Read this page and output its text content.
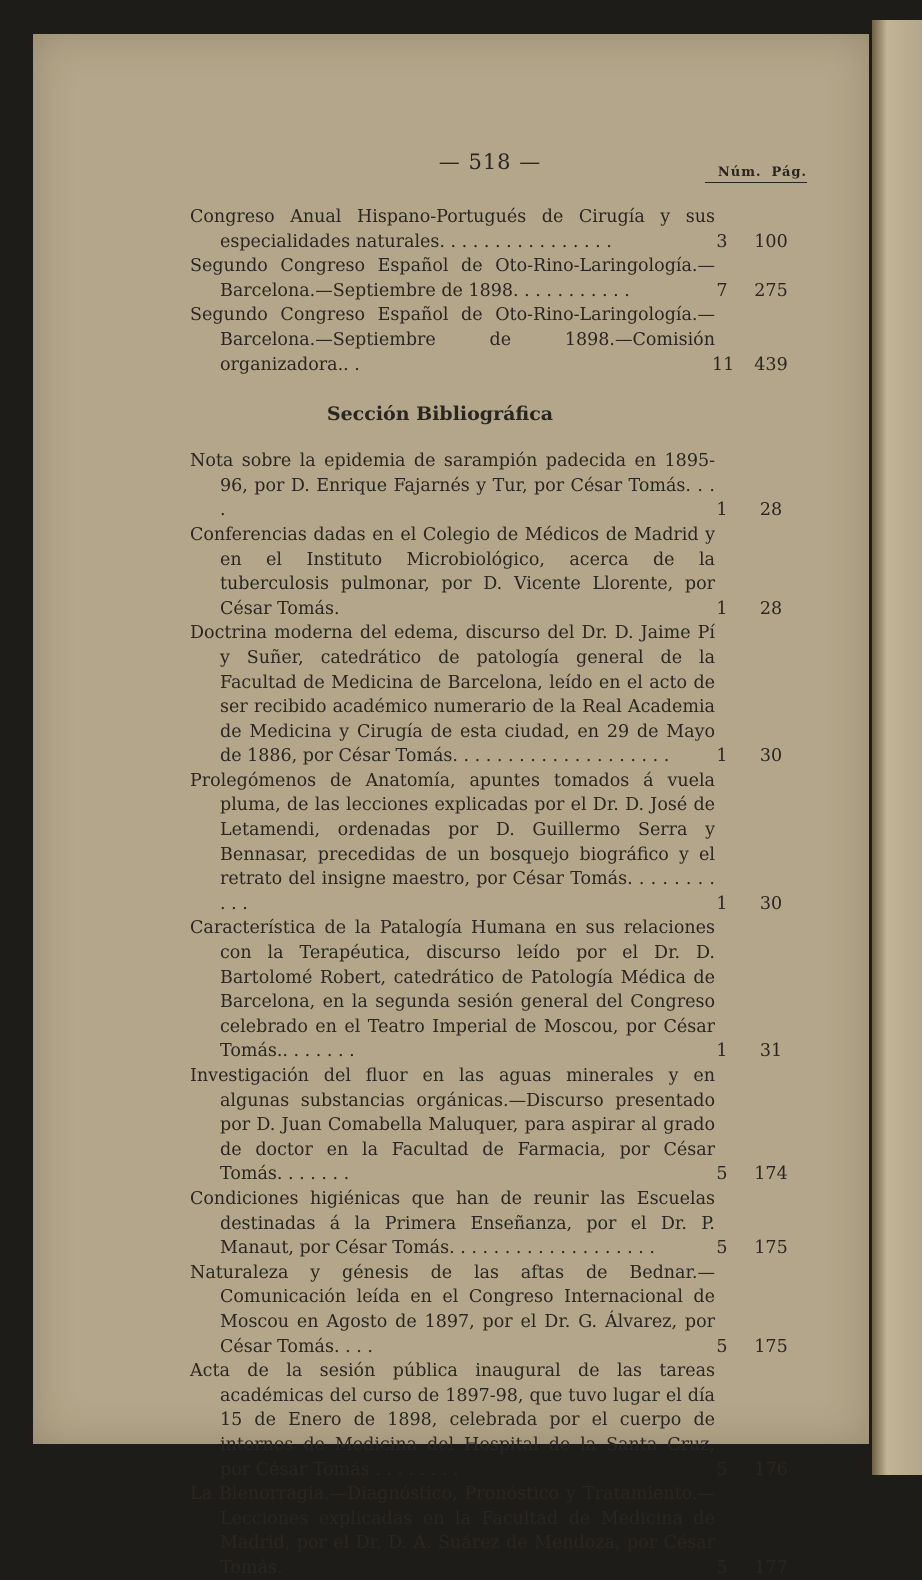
— 518 —	Núm. Pág.

Congreso Anual Hispano-Portugués de Cirugía y sus especialidades naturales. . . . . . . . . . . . . . . .	3	100

Segundo Congreso Español de Oto-Rino-Laringología.—Barcelona.—Septiembre de 1898. . . . . . . . . . .	7	275

Segundo Congreso Español de Oto-Rino-Laringología.—Barcelona.—Septiembre de 1898.—Comisión organizadora.. .	11	439
Sección Bibliográfica

Nota sobre la epidemia de sarampión padecida en 1895-96, por D. Enrique Fajarnés y Tur, por César Tomás. . . .	1	28

Conferencias dadas en el Colegio de Médicos de Madrid y en el Instituto Microbiológico, acerca de la tuberculosis pulmonar, por D. Vicente Llorente, por César Tomás.	1	28

Doctrina moderna del edema, discurso del Dr. D. Jaime Pí y Suñer, catedrático de patología general de la Facultad de Medicina de Barcelona, leído en el acto de ser recibido académico numerario de la Real Academia de Medicina y Cirugía de esta ciudad, en 29 de Mayo de 1886, por César Tomás. . . . . . . . . . . . . . . . . . . .	1	30

Prolegómenos de Anatomía, apuntes tomados á vuela pluma, de las lecciones explicadas por el Dr. D. José de Letamendi, ordenadas por D. Guillermo Serra y Bennasar, precedidas de un bosquejo biográfico y el retrato del insigne maestro, por César Tomás. . . . . . . . . . .	1	30

Característica de la Patalogía Humana en sus relaciones con la Terapéutica, discurso leído por el Dr. D. Bartolomé Robert, catedrático de Patología Médica de Barcelona, en la segunda sesión general del Congreso celebrado en el Teatro Imperial de Moscou, por César Tomás.. . . . . . .	1	31

Investigación del fluor en las aguas minerales y en algunas substancias orgánicas.—Discurso presentado por D. Juan Comabella Maluquer, para aspirar al grado de doctor en la Facultad de Farmacia, por César Tomás. . . . . . .	5	174

Condiciones higiénicas que han de reunir las Escuelas destinadas á la Primera Enseñanza, por el Dr. P. Manaut, por César Tomás. . . . . . . . . . . . . . . . . . .	5	175

Naturaleza y génesis de las aftas de Bednar.—Comunicación leída en el Congreso Internacional de Moscou en Agosto de 1897, por el Dr. G. Álvarez, por César Tomás. . . .	5	175

Acta de la sesión pública inaugural de las tareas académicas del curso de 1897-98, que tuvo lugar el día 15 de Enero de 1898, celebrada por el cuerpo de internos de Medicina del Hospital de la Santa Cruz, por César Tomás . . . . . . . .	5	176

La Blenorragia.—Diagnóstico, Pronóstico y Tratamiento.—Lecciones explicadas en la Facultad de Medicina de Madrid, por el Dr. D. A. Suárez de Mendoza, por César Tomás.	5	177
